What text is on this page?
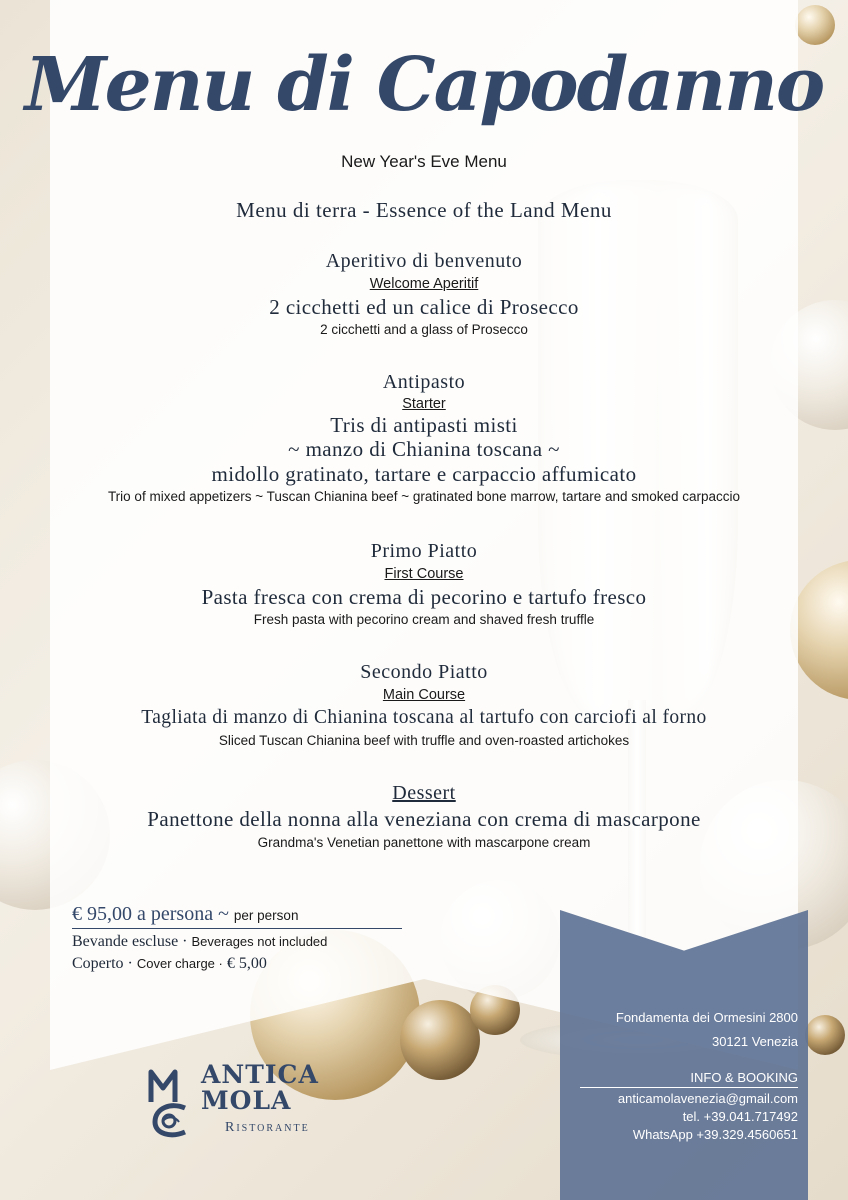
Menu di Capodanno

New Year's Eve Menu

Menu di terra - Essence of the Land Menu

Aperitivo di benvenuto

Welcome Aperitif

2 cicchetti ed un calice di Prosecco

2 cicchetti and a glass of Prosecco

Antipasto

Starter

Tris di antipasti misti

~ manzo di Chianina toscana ~

midollo gratinato, tartare e carpaccio affumicato

Trio of mixed appetizers ~ Tuscan Chianina beef ~ gratinated bone marrow, tartare and smoked carpaccio

Primo Piatto

First Course

Pasta fresca con crema di pecorino e tartufo fresco

Fresh pasta with pecorino cream and shaved fresh truffle

Secondo Piatto

Main Course

Tagliata di manzo di Chianina toscana al tartufo con carciofi al forno

Sliced Tuscan Chianina beef with truffle and oven-roasted artichokes

Dessert

Panettone della nonna alla veneziana con crema di mascarpone

Grandma's Venetian panettone with mascarpone cream

€ 95,00 a persona ~ per person
Bevande escluse · Beverages not included
Coperto · Cover charge · € 5,00
Fondamenta dei Ormesini 2800
30121 Venezia
INFO & BOOKING
anticamolavenezia@gmail.com
tel. +39.041.717492
WhatsApp +39.329.4560651
ANTICA
MOLA
Ristorante
